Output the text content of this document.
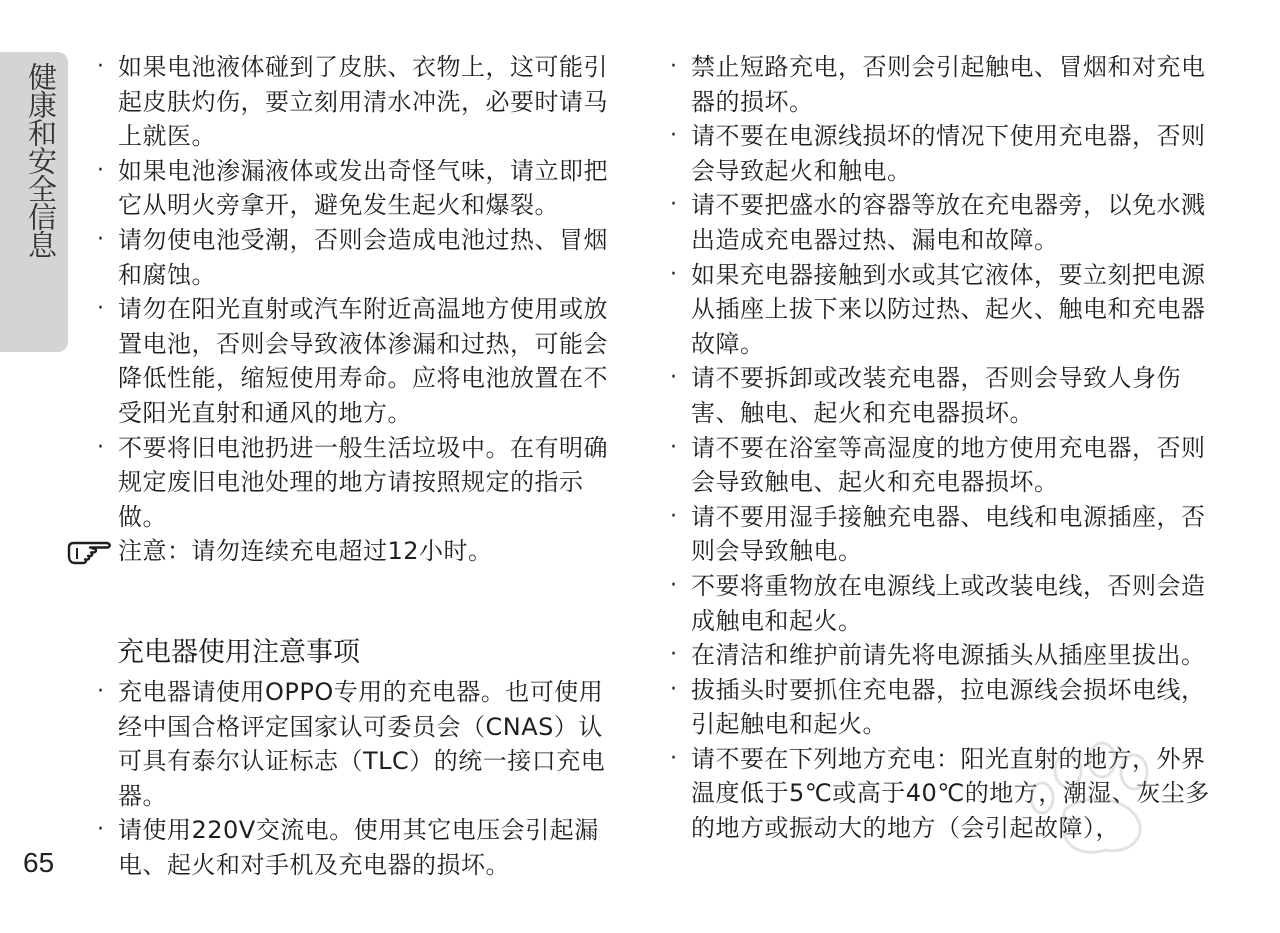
健康和安全信息
65
· 如果电池液体碰到了皮肤、衣物上，这可能引起皮肤灼伤，要立刻用清水冲洗，必要时请马上就医。
· 如果电池渗漏液体或发出奇怪气味，请立即把它从明火旁拿开，避免发生起火和爆裂。
· 请勿使电池受潮，否则会造成电池过热、冒烟和腐蚀。
· 请勿在阳光直射或汽车附近高温地方使用或放置电池，否则会导致液体渗漏和过热，可能会降低性能，缩短使用寿命。应将电池放置在不受阳光直射和通风的地方。
· 不要将旧电池扔进一般生活垃圾中。在有明确规定废旧电池处理的地方请按照规定的指示做。
注意：请勿连续充电超过12小时。
充电器使用注意事项
· 充电器请使用OPPO专用的充电器。也可使用经中国合格评定国家认可委员会（CNAS）认可具有泰尔认证标志（TLC）的统一接口充电器。
· 请使用220V交流电。使用其它电压会引起漏电、起火和对手机及充电器的损坏。
· 禁止短路充电，否则会引起触电、冒烟和对充电器的损坏。
· 请不要在电源线损坏的情况下使用充电器，否则会导致起火和触电。
· 请不要把盛水的容器等放在充电器旁，以免水溅出造成充电器过热、漏电和故障。
· 如果充电器接触到水或其它液体，要立刻把电源从插座上拔下来以防过热、起火、触电和充电器故障。
· 请不要拆卸或改装充电器，否则会导致人身伤害、触电、起火和充电器损坏。
· 请不要在浴室等高湿度的地方使用充电器，否则会导致触电、起火和充电器损坏。
· 请不要用湿手接触充电器、电线和电源插座，否则会导致触电。
· 不要将重物放在电源线上或改装电线，否则会造成触电和起火。
· 在清洁和维护前请先将电源插头从插座里拔出。
· 拔插头时要抓住充电器，拉电源线会损坏电线，引起触电和起火。
· 请不要在下列地方充电：阳光直射的地方，外界温度低于5℃或高于40℃的地方，潮湿、灰尘多的地方或振动大的地方（会引起故障），
